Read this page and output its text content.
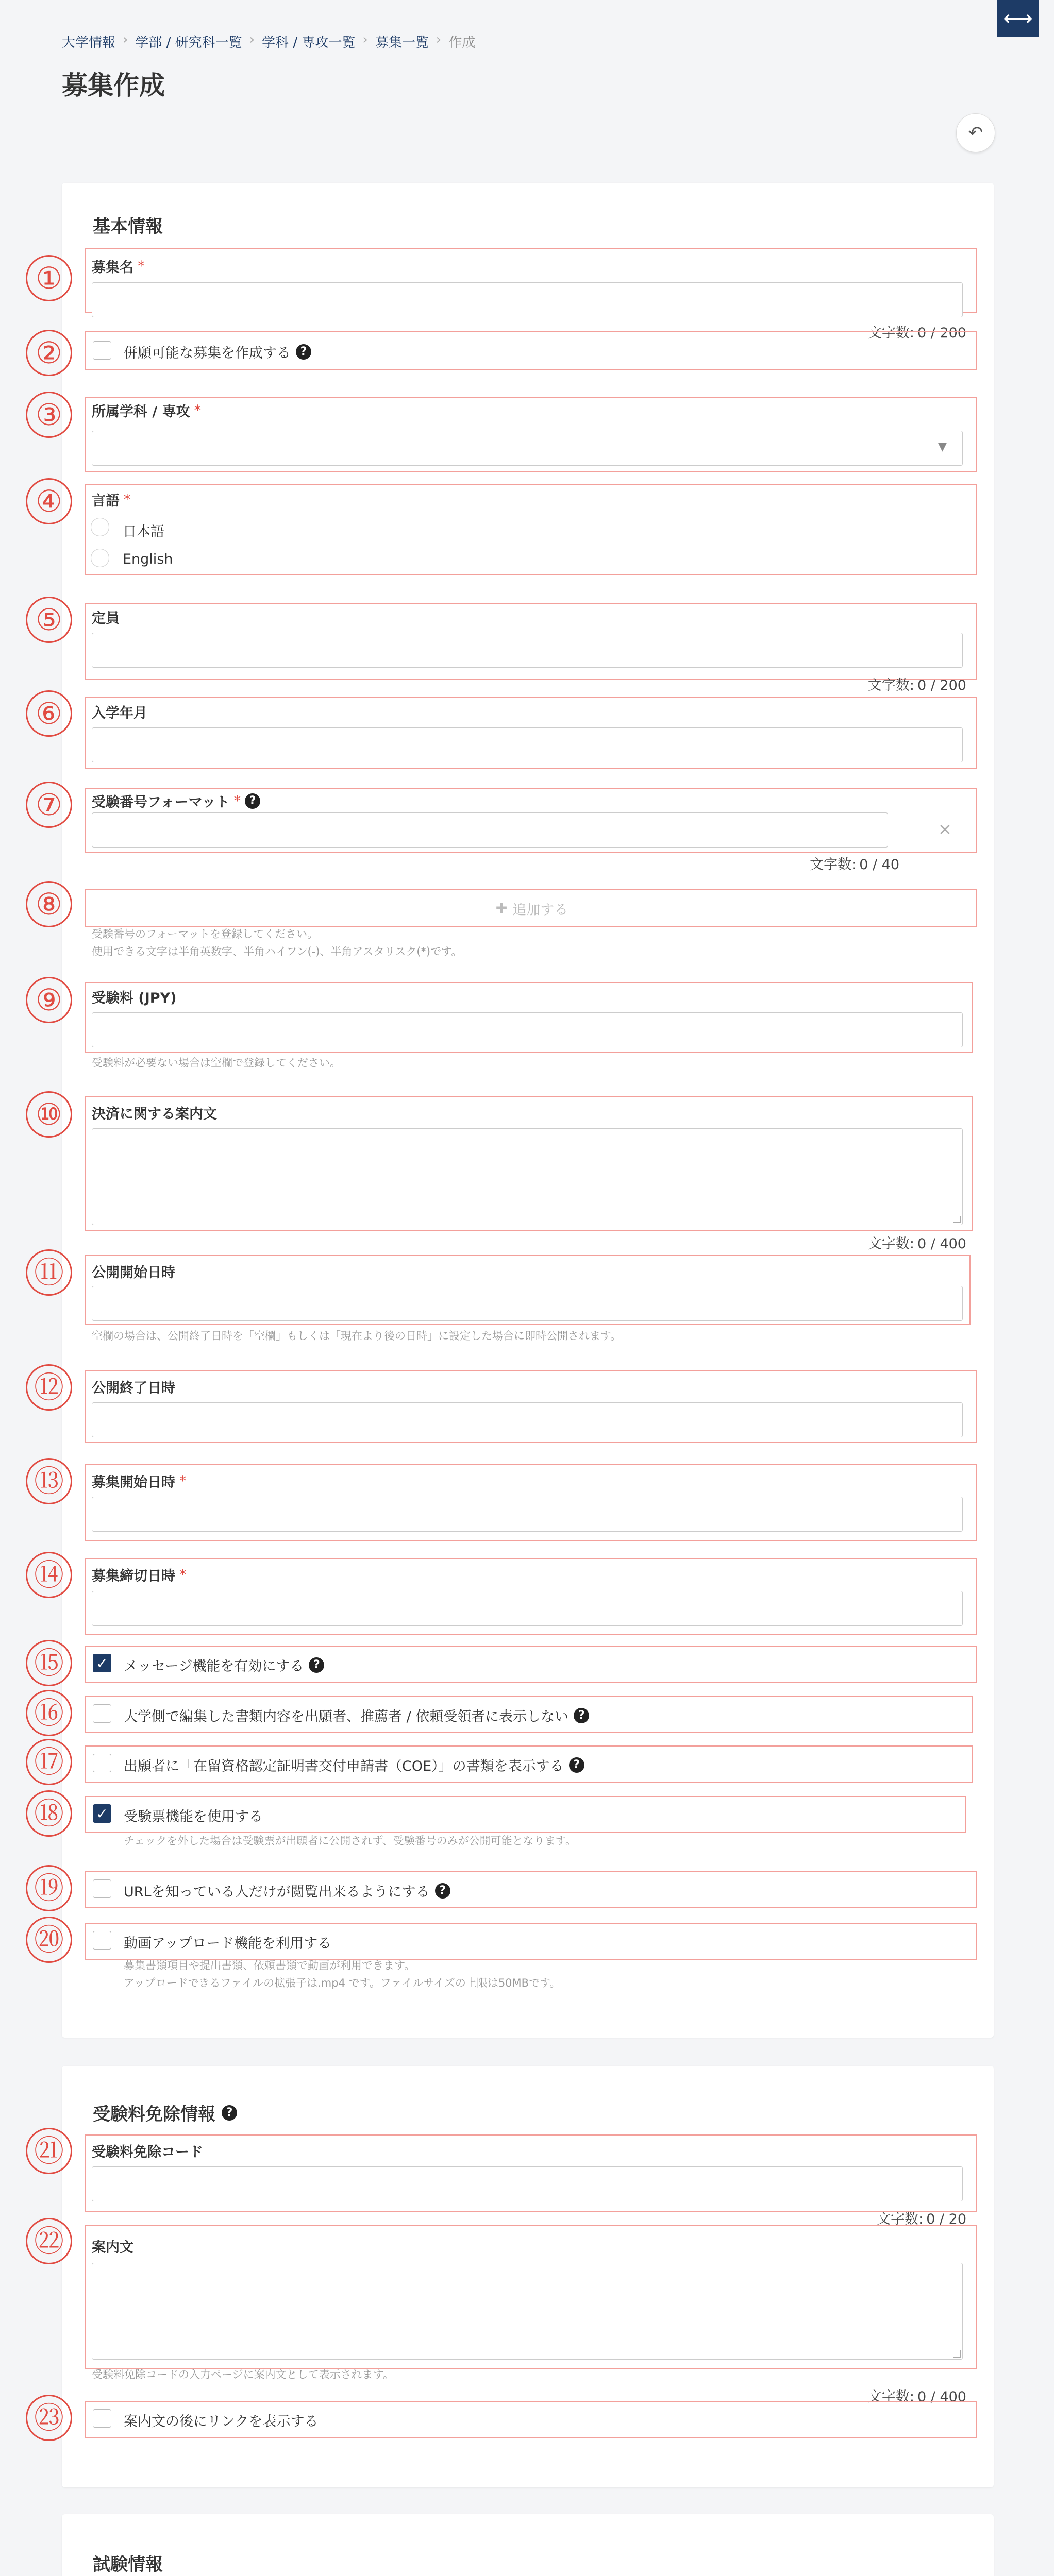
⟷
大学情報 › 学部 / 研究科一覧 › 学科 / 専攻一覧 › 募集一覧 › 作成
募集作成
↶
基本情報
①	募集名 *
文字数: 0 / 200
②	併願可能な募集を作成する ?
③	所属学科 / 専攻 *
▼
④	言語 *
日本語
English
⑤	定員
文字数: 0 / 200
⑥	入学年月
⑦	受験番号フォーマット * ?
×
文字数: 0 / 40
⑧	✚ 追加する
受験番号のフォーマットを登録してください。
使用できる文字は半角英数字、半角ハイフン(-)、半角アスタリスク(*)です。
⑨	受験料 (JPY)
受験料が必要ない場合は空欄で登録してください。
⑩	決済に関する案内文
文字数: 0 / 400
⑪	公開開始日時
空欄の場合は、公開終了日時を「空欄」もしくは「現在より後の日時」に設定した場合に即時公開されます。
⑫	公開終了日時
⑬	募集開始日時 *
⑭	募集締切日時 *
⑮	✓ メッセージ機能を有効にする ?
⑯	大学側で編集した書類内容を出願者、推薦者 / 依頼受領者に表示しない ?
⑰	出願者に「在留資格認定証明書交付申請書（COE）」の書類を表示する ?
⑱	✓ 受験票機能を使用する
チェックを外した場合は受験票が出願者に公開されず、受験番号のみが公開可能となります。
⑲	URLを知っている人だけが閲覧出来るようにする ?
⑳	動画アップロード機能を利用する
募集書類項目や提出書類、依頼書類で動画が利用できます。
アップロードできるファイルの拡張子は.mp4 です。ファイルサイズの上限は50MBです。
受験料免除情報 ?
㉑	受験料免除コード
文字数: 0 / 20
㉒	案内文
受験料免除コードの入力ページに案内文として表示されます。
文字数: 0 / 400
㉓	案内文の後にリンクを表示する
試験情報
